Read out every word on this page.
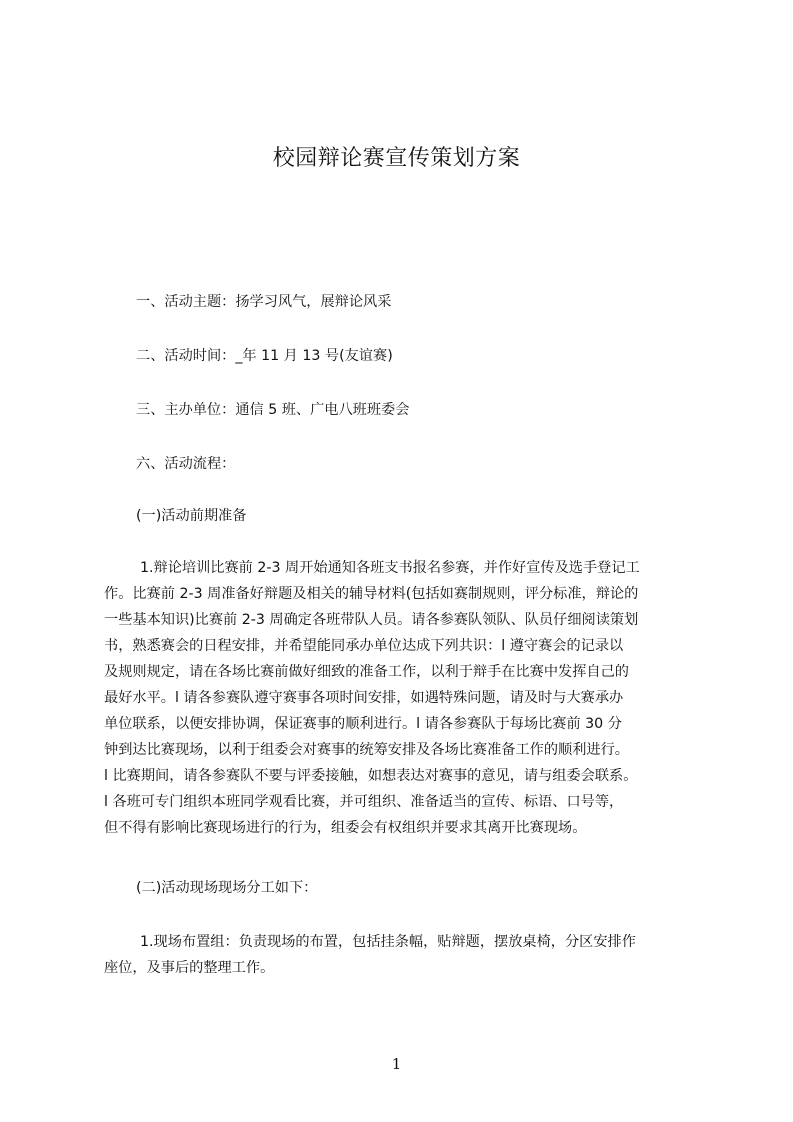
校园辩论赛宣传策划方案
一、活动主题：扬学习风气，展辩论风采
二、活动时间：_年 11 月 13 号(友谊赛)
三、主办单位：通信 5 班、广电八班班委会
六、活动流程：
(一)活动前期准备
1.辩论培训比赛前 2-3 周开始通知各班支书报名参赛，并作好宣传及选手登记工
作。比赛前 2-3 周准备好辩题及相关的辅导材料(包括如赛制规则，评分标准，辩论的
一些基本知识)比赛前 2-3 周确定各班带队人员。请各参赛队领队、队员仔细阅读策划
书，熟悉赛会的日程安排，并希望能同承办单位达成下列共识：l 遵守赛会的记录以
及规则规定，请在各场比赛前做好细致的准备工作，以利于辩手在比赛中发挥自己的
最好水平。l 请各参赛队遵守赛事各项时间安排，如遇特殊问题，请及时与大赛承办
单位联系，以便安排协调，保证赛事的顺利进行。l 请各参赛队于每场比赛前 30 分
钟到达比赛现场，以利于组委会对赛事的统筹安排及各场比赛准备工作的顺利进行。
l 比赛期间，请各参赛队不要与评委接触，如想表达对赛事的意见，请与组委会联系。
l 各班可专门组织本班同学观看比赛，并可组织、准备适当的宣传、标语、口号等，
但不得有影响比赛现场进行的行为，组委会有权组织并要求其离开比赛现场。
(二)活动现场现场分工如下：
1.现场布置组：负责现场的布置，包括挂条幅，贴辩题，摆放桌椅，分区安排作
座位，及事后的整理工作。
1
